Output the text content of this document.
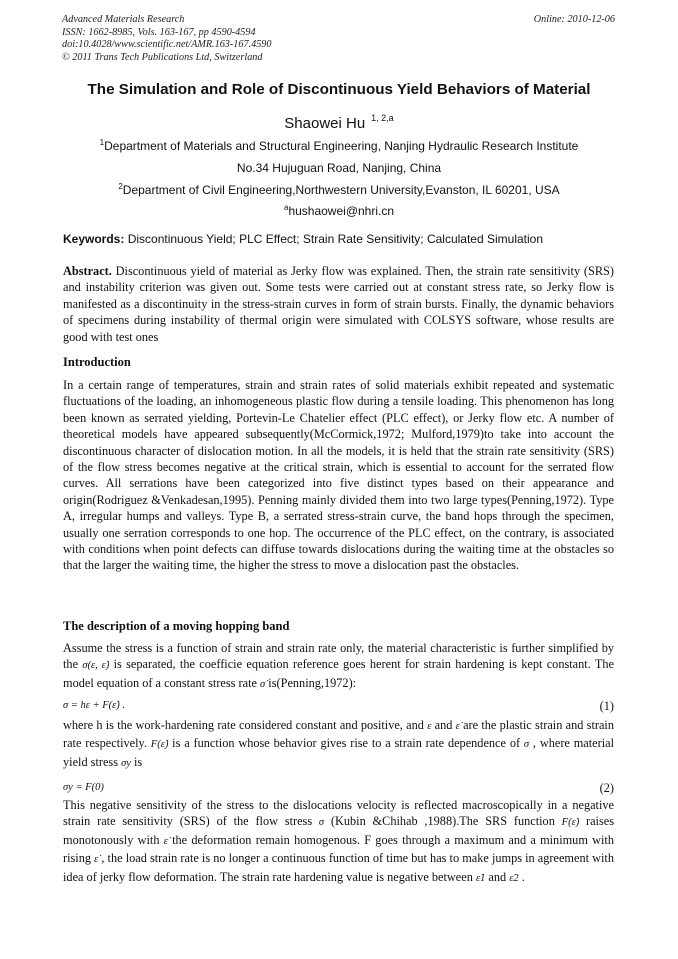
Advanced Materials Research
ISSN: 1662-8985, Vols. 163-167, pp 4590-4594
doi:10.4028/www.scientific.net/AMR.163-167.4590
© 2011 Trans Tech Publications Ltd, Switzerland
Online: 2010-12-06
The Simulation and Role of Discontinuous Yield Behaviors of Material
Shaowei Hu $^{1, 2,a}$
$^1$Department of Materials and Structural Engineering, Nanjing Hydraulic Research Institute
No.34 Hujuguan Road, Nanjing, China
$^2$Department of Civil Engineering,Northwestern University,Evanston, IL 60201, USA
$^a$hushaowei@nhri.cn
Keywords: Discontinuous Yield; PLC Effect; Strain Rate Sensitivity; Calculated Simulation
Abstract. Discontinuous yield of material as Jerky flow was explained. Then, the strain rate sensitivity (SRS) and instability criterion was given out. Some tests were carried out at constant stress rate, so Jerky flow is manifested as a discontinuity in the stress-strain curves in form of strain bursts. Finally, the dynamic behaviors of specimens during instability of thermal origin were simulated with COLSYS software, whose results are good with test ones
Introduction
In a certain range of temperatures, strain and strain rates of solid materials exhibit repeated and systematic fluctuations of the loading, an inhomogeneous plastic flow during a tensile loading. This phenomenon has long been known as serrated yielding, Portevin-Le Chatelier effect (PLC effect), or Jerky flow etc. A number of theoretical models have appeared subsequently(McCormick,1972; Mulford,1979)to take into account the discontinuous character of dislocation motion. In all the models, it is held that the strain rate sensitivity (SRS) of the flow stress becomes negative at the critical strain, which is essential to account for the serrated flow curves. All serrations have been categorized into five distinct types based on their appearance and origin(Rodriguez &Venkadesan,1995). Penning mainly divided them into two large types(Penning,1972). Type A, irregular humps and valleys. Type B, a serrated stress-strain curve, the band hops through the specimen, usually one serration corresponds to one hop. The occurrence of the PLC effect, on the contrary, is associated with conditions when point defects can diffuse towards dislocations during the waiting time at the obstacles so that the larger the waiting time, the higher the stress to move a dislocation past the obstacles.
The description of a moving hopping band
Assume the stress is a function of strain and strain rate only, the material characteristic is further simplified by the σ(ε, ε̇) is separated, the coefficie equation reference goes herent for strain hardening is kept constant. The model equation of a constant stress rate σ̇ is(Penning,1972):
σ = hε + F(ε̇) .	(1)
where h is the work-hardening rate considered constant and positive, and ε and ε̇ are the plastic strain and strain rate respectively. F(ε̇) is a function whose behavior gives rise to a strain rate dependence of σ , where material yield stress σy is
σy = F(0)	(2)
This negative sensitivity of the stress to the dislocations velocity is reflected macroscopically in a negative strain rate sensitivity (SRS) of the flow stress σ (Kubin &Chihab ,1988).The SRS function F(ε̇) raises monotonously with ε̇ the deformation remain homogenous. F goes through a maximum and a minimum with rising ε̇ , the load strain rate is no longer a continuous function of time but has to make jumps in agreement with idea of jerky flow deformation. The strain rate hardening value is negative between ε̇1 and ε̇2 .
